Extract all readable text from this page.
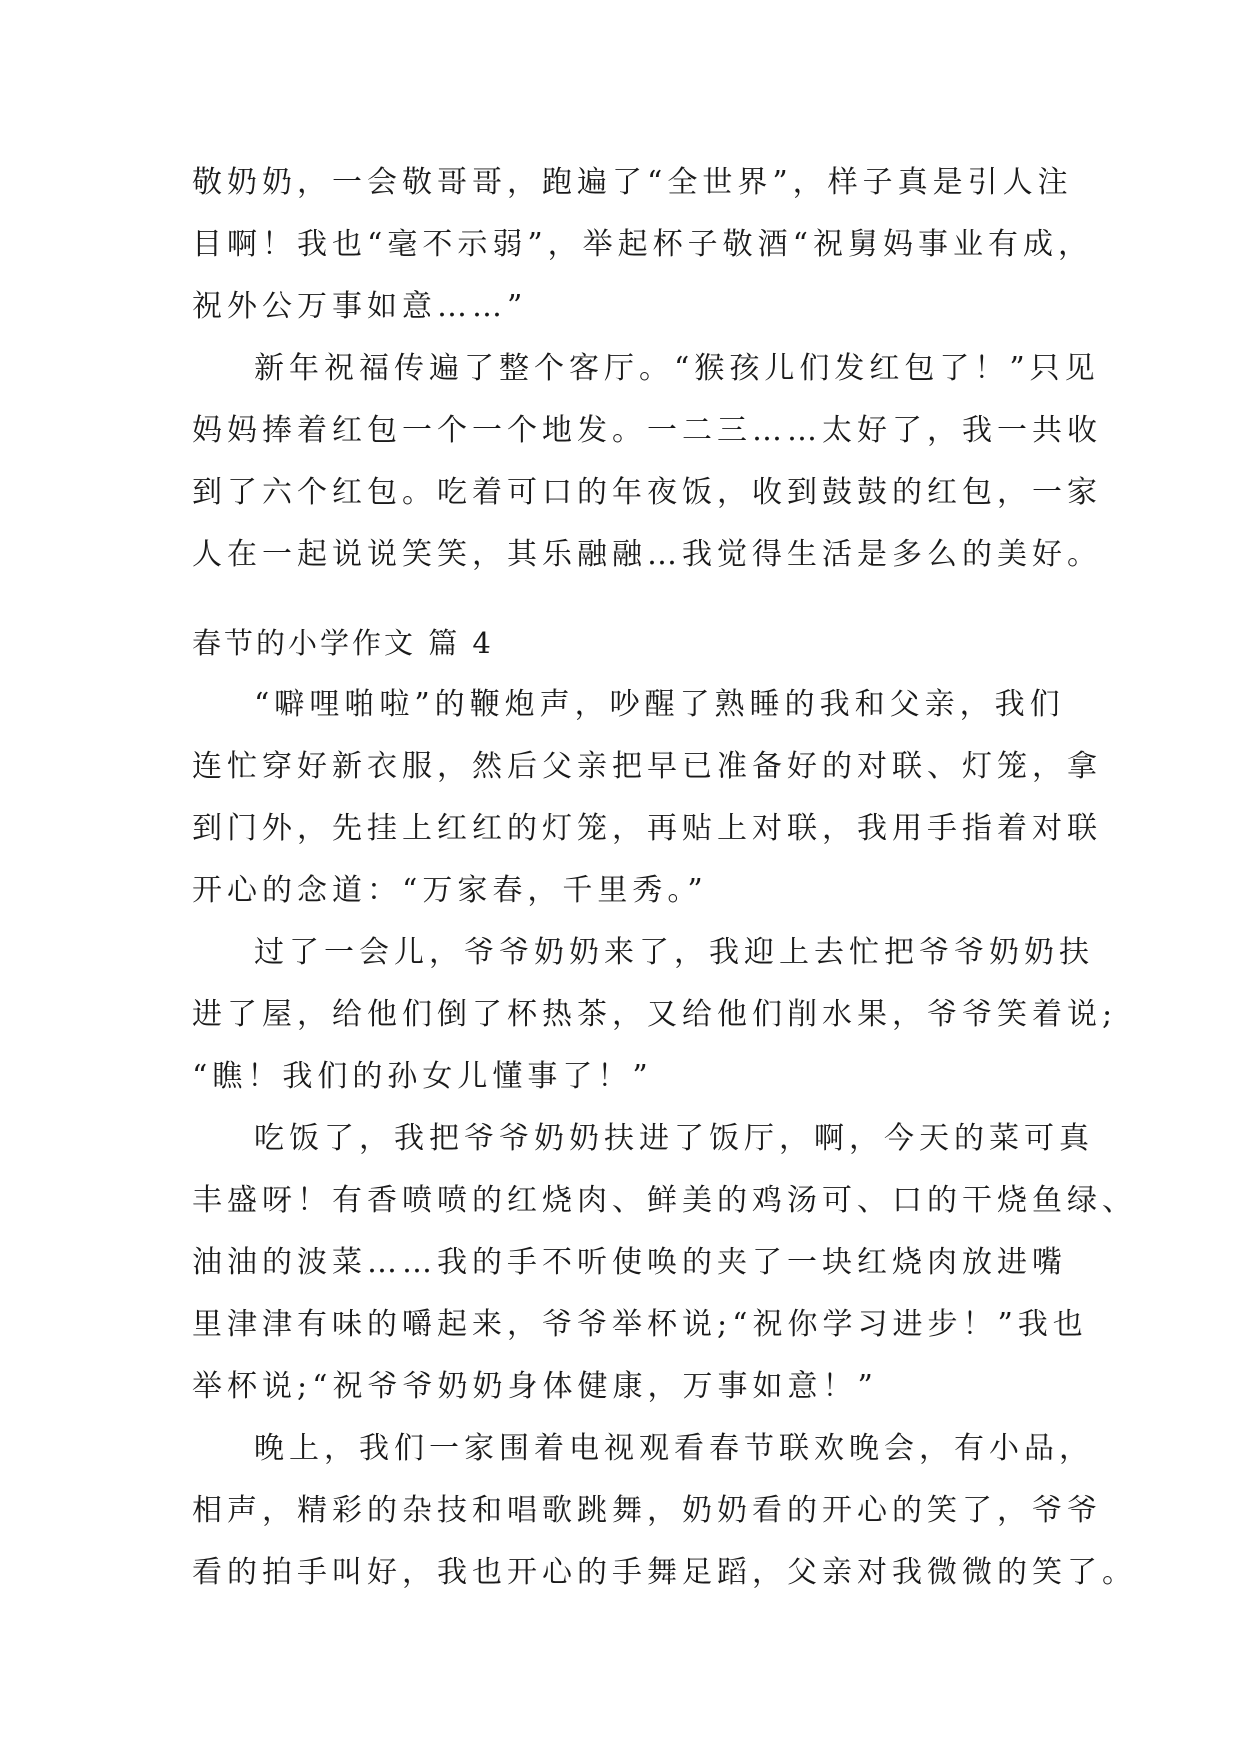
敬奶奶，一会敬哥哥，跑遍了“全世界”，样子真是引人注
目啊！我也“毫不示弱”，举起杯子敬酒“祝舅妈事业有成，
祝外公万事如意……”
新年祝福传遍了整个客厅。“猴孩儿们发红包了！”只见
妈妈捧着红包一个一个地发。一二三……太好了，我一共收
到了六个红包。吃着可口的年夜饭，收到鼓鼓的红包，一家
人在一起说说笑笑，其乐融融…我觉得生活是多么的美好。
春节的小学作文 篇 4
“噼哩啪啦”的鞭炮声，吵醒了熟睡的我和父亲，我们
连忙穿好新衣服，然后父亲把早已准备好的对联、灯笼，拿
到门外，先挂上红红的灯笼，再贴上对联，我用手指着对联
开心的念道：“万家春，千里秀。”
过了一会儿，爷爷奶奶来了，我迎上去忙把爷爷奶奶扶
进了屋，给他们倒了杯热茶，又给他们削水果，爷爷笑着说;
“瞧！我们的孙女儿懂事了！”
吃饭了，我把爷爷奶奶扶进了饭厅，啊，今天的菜可真
丰盛呀！有香喷喷的红烧肉、鲜美的鸡汤可、口的干烧鱼绿、
油油的波菜……我的手不听使唤的夹了一块红烧肉放进嘴
里津津有味的嚼起来，爷爷举杯说;“祝你学习进步！”我也
举杯说;“祝爷爷奶奶身体健康，万事如意！”
晚上，我们一家围着电视观看春节联欢晚会，有小品，
相声，精彩的杂技和唱歌跳舞，奶奶看的开心的笑了，爷爷
看的拍手叫好，我也开心的手舞足蹈，父亲对我微微的笑了。
